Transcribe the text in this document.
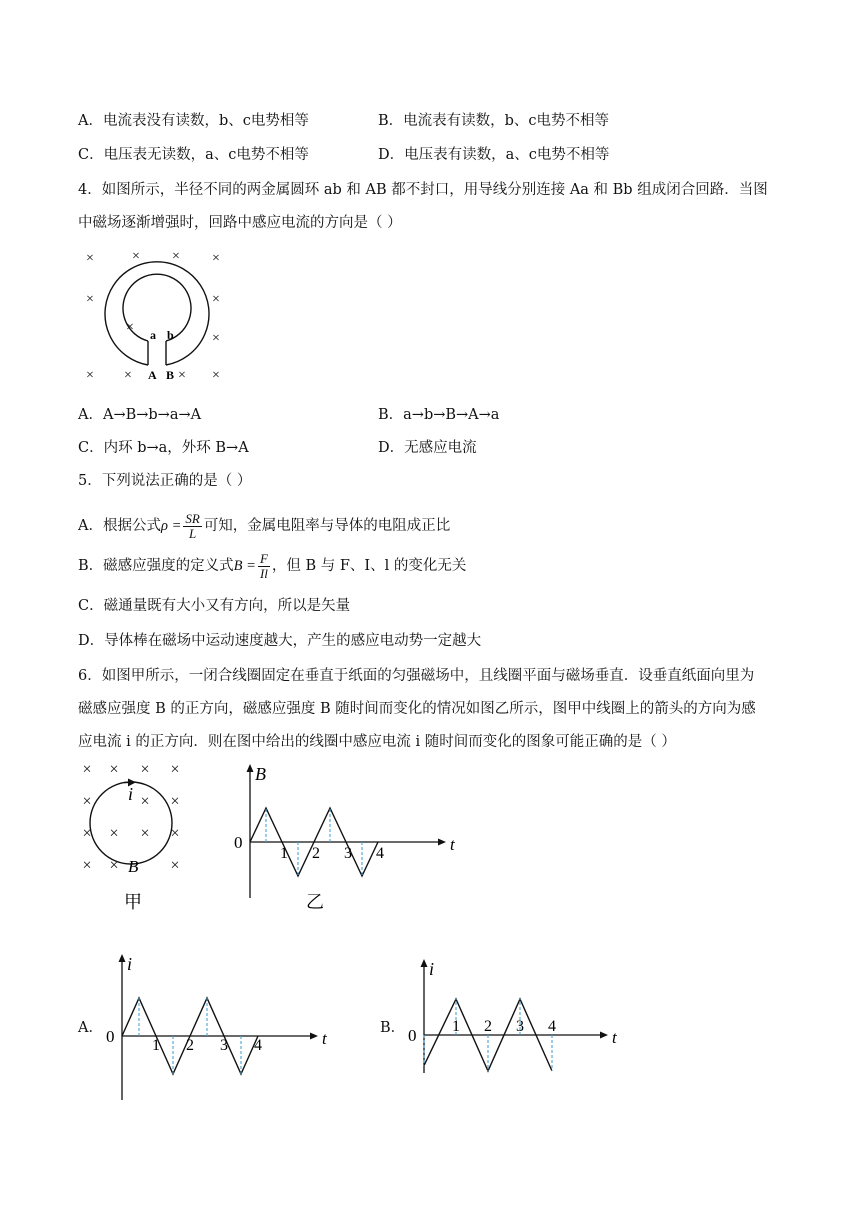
A．电流表没有读数，b、c电势相等	B．电流表有读数，b、c电势不相等
C．电压表无读数，a、c电势不相等	D．电压表有读数，a、c电势不相等
4．如图所示，半径不同的两金属圆环 ab 和 AB 都不封口，用导线分别连接 Aa 和 Bb 组成闭合回路．当图
中磁场逐渐增强时，回路中感应电流的方向是（ ）
×	× × ×
×	×
×
×
× ×	×
×
a b
A B
A．A→B→b→a→A	B．a→b→B→A→a
C．内环 b→a，外环 B→A	D．无感应电流
5．下列说法正确的是（ ）
A．根据公式$\rho = \frac{SR}{L}$ 可知，金属电阻率与导体的电阻成正比
B．磁感应强度的定义式$B = \frac{F}{Il}$ ，但 B 与 F、I、l 的变化无关
C．磁通量既有大小又有方向，所以是矢量
D．导体棒在磁场中运动速度越大，产生的感应电动势一定越大
6．如图甲所示，一闭合线圈固定在垂直于纸面的匀强磁场中，且线圈平面与磁场垂直．设垂直纸面向里为
磁感应强度 B 的正方向，磁感应强度 B 随时间而变化的情况如图乙所示，图甲中线圈上的箭头的方向为感
应电流 i 的正方向．则在图中给出的线圈中感应电流 i 随时间而变化的图象可能正确的是（ ）
× × × ×
×	× ×
× × × ×
× ×	×
i
B
甲
B
t
0
1 2 3 4
乙
A．
i
t
0 1 2 3 4
B．
i
t
0 1 2 3 4
